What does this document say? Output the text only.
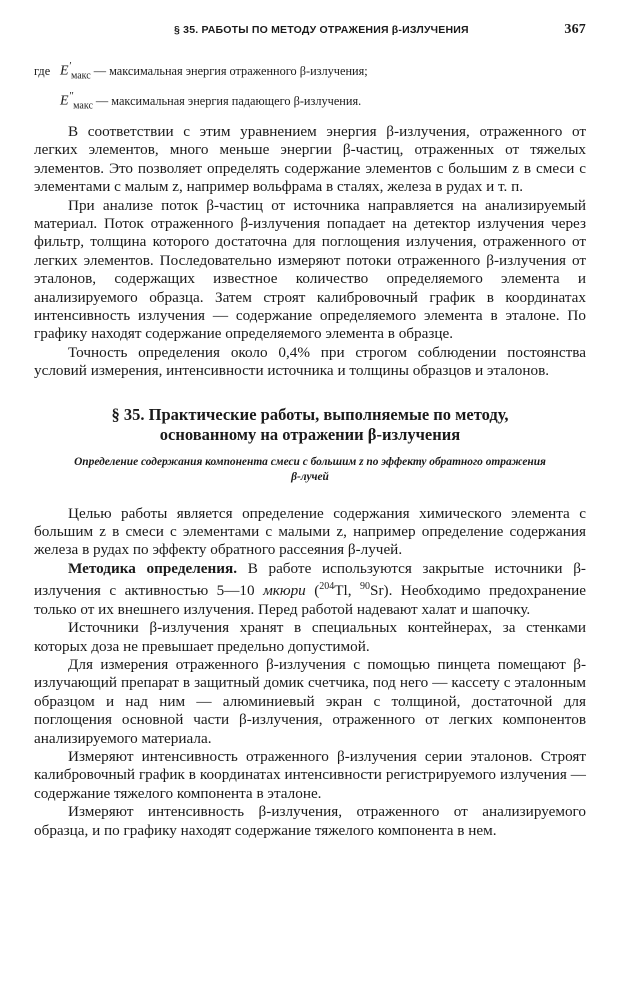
§ 35. РАБОТЫ ПО МЕТОДУ ОТРАЖЕНИЯ β-ИЗЛУЧЕНИЯ	367
где $E'_{макс}$ — максимальная энергия отраженного β-излучения;
$E''_{макс}$ — максимальная энергия падающего β-излучения.

В соответствии с этим уравнением энергия β-излучения, отраженного от легких элементов, много меньше энергии β-частиц, отраженных от тяжелых элементов. Это позволяет определять содержание элементов с большим z в смеси с элементами с малым z, например вольфрама в сталях, железа в рудах и т. п.

При анализе поток β-частиц от источника направляется на анализируемый материал. Поток отраженного β-излучения попадает на детектор излучения через фильтр, толщина которого достаточна для поглощения излучения, отраженного от легких элементов. Последовательно измеряют потоки отраженного β-излучения от эталонов, содержащих известное количество определяемого элемента и анализируемого образца. Затем строят калибровочный график в координатах интенсивность излучения — содержание определяемого элемента в эталоне. По графику находят содержание определяемого элемента в образце.

Точность определения около 0,4% при строгом соблюдении постоянства условий измерения, интенсивности источника и толщины образцов и эталонов.

§ 35. Практические работы, выполняемые по методу,
основанному на отражении β-излучения
Определение содержания компонента смеси с большим z по эффекту обратного отражения β-лучей

Целью работы является определение содержания химического элемента с большим z в смеси с элементами с малыми z, например определение содержания железа в рудах по эффекту обратного рассеяния β-лучей.

Методика определения. В работе используются закрытые источники β-излучения с активностью 5—10 мкюри ($^{204}$Tl, $^{90}$Sr). Необходимо предохранение только от их внешнего излучения. Перед работой надевают халат и шапочку.

Источники β-излучения хранят в специальных контейнерах, за стенками которых доза не превышает предельно допустимой.

Для измерения отраженного β-излучения с помощью пинцета помещают β-излучающий препарат в защитный домик счетчика, под него — кассету с эталонным образцом и над ним — алюминиевый экран с толщиной, достаточной для поглощения основной части β-излучения, отраженного от легких компонентов анализируемого материала.

Измеряют интенсивность отраженного β-излучения серии эталонов. Строят калибровочный график в координатах интенсивности регистрируемого излучения — содержание тяжелого компонента в эталоне.

Измеряют интенсивность β-излучения, отраженного от анализируемого образца, и по графику находят содержание тяжелого компонента в нем.
